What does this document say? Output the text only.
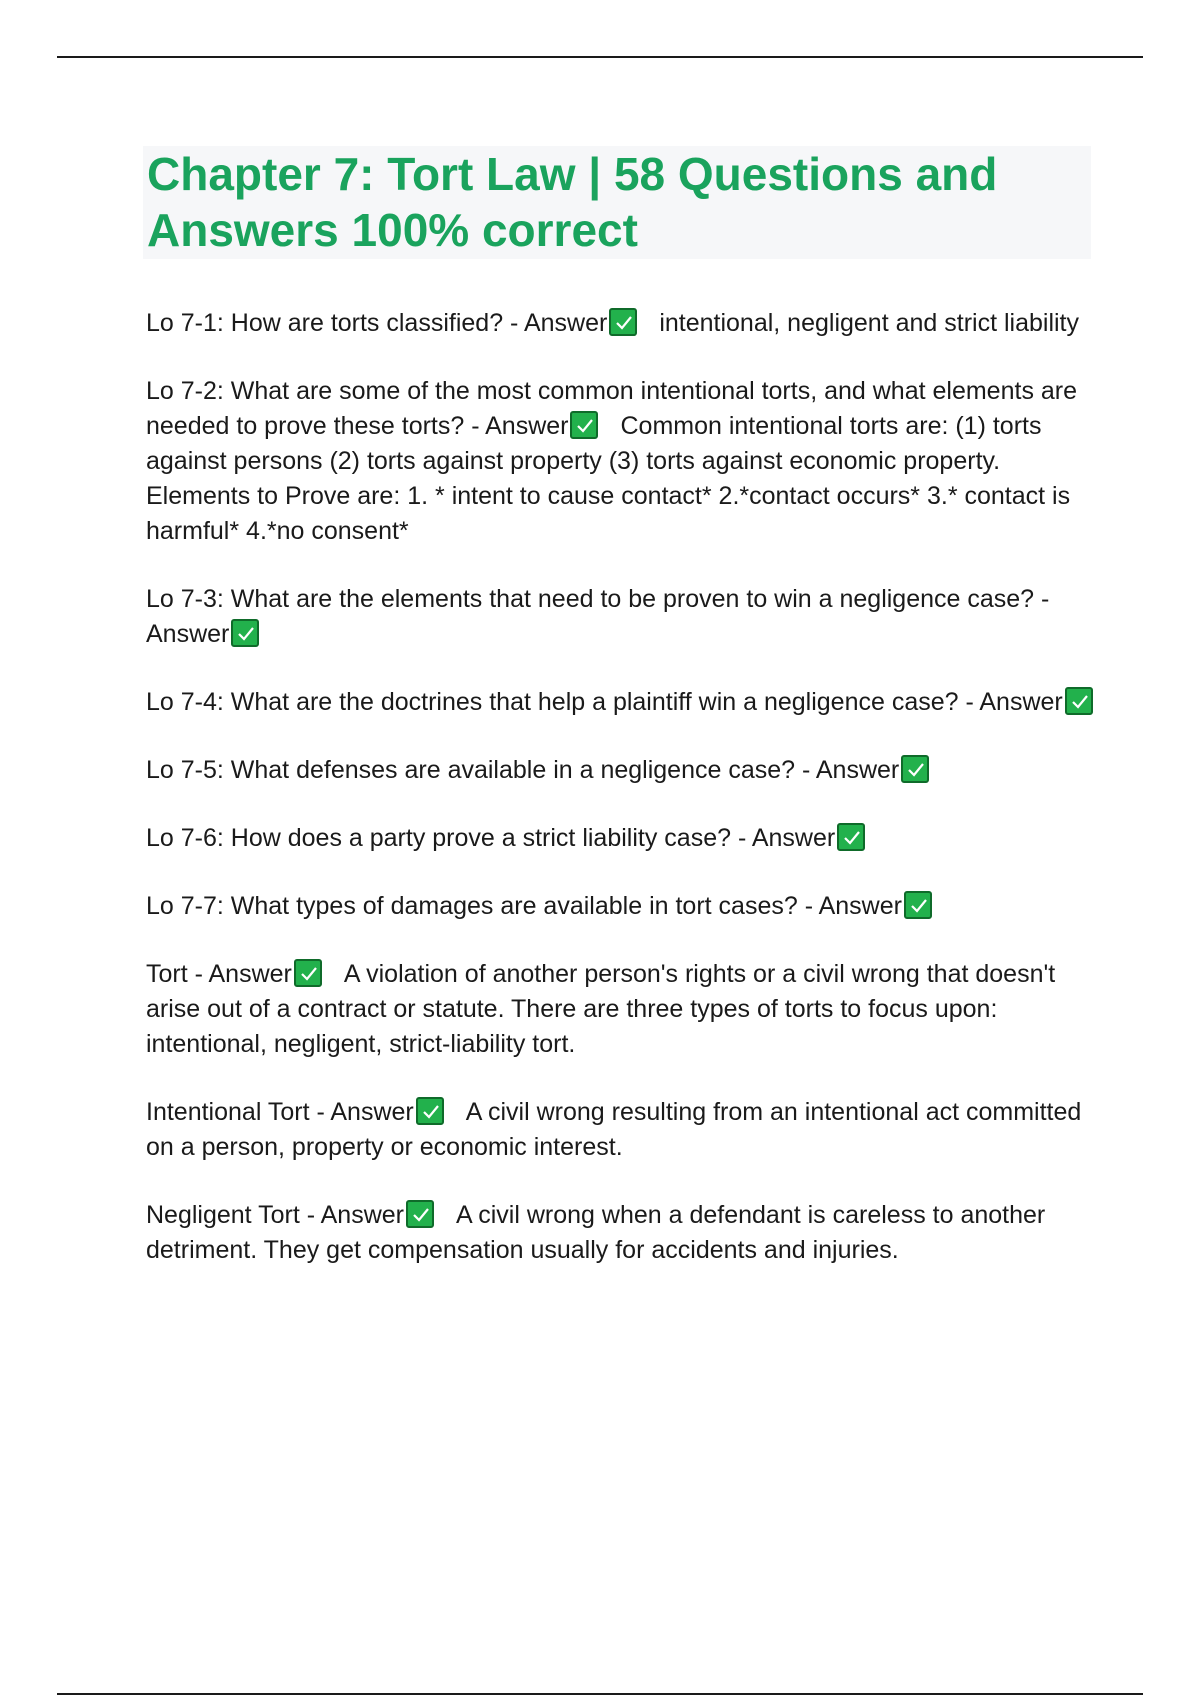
Chapter 7: Tort Law | 58 Questions and Answers 100% correct

Lo 7-1: How are torts classified? - Answer intentional, negligent and strict liability

Lo 7-2: What are some of the most common intentional torts, and what elements are needed to prove these torts? - Answer Common intentional torts are: (1) torts against persons (2) torts against property (3) torts against economic property. Elements to Prove are: 1. * intent to cause contact* 2.*contact occurs* 3.* contact is harmful* 4.*no consent*

Lo 7-3: What are the elements that need to be proven to win a negligence case? - Answer

Lo 7-4: What are the doctrines that help a plaintiff win a negligence case? - Answer

Lo 7-5: What defenses are available in a negligence case? - Answer

Lo 7-6: How does a party prove a strict liability case? - Answer

Lo 7-7: What types of damages are available in tort cases? - Answer

Tort - Answer A violation of another person's rights or a civil wrong that doesn't arise out of a contract or statute. There are three types of torts to focus upon: intentional, negligent, strict-liability tort.

Intentional Tort - Answer A civil wrong resulting from an intentional act committed on a person, property or economic interest.

Negligent Tort - Answer A civil wrong when a defendant is careless to another detriment. They get compensation usually for accidents and injuries.
